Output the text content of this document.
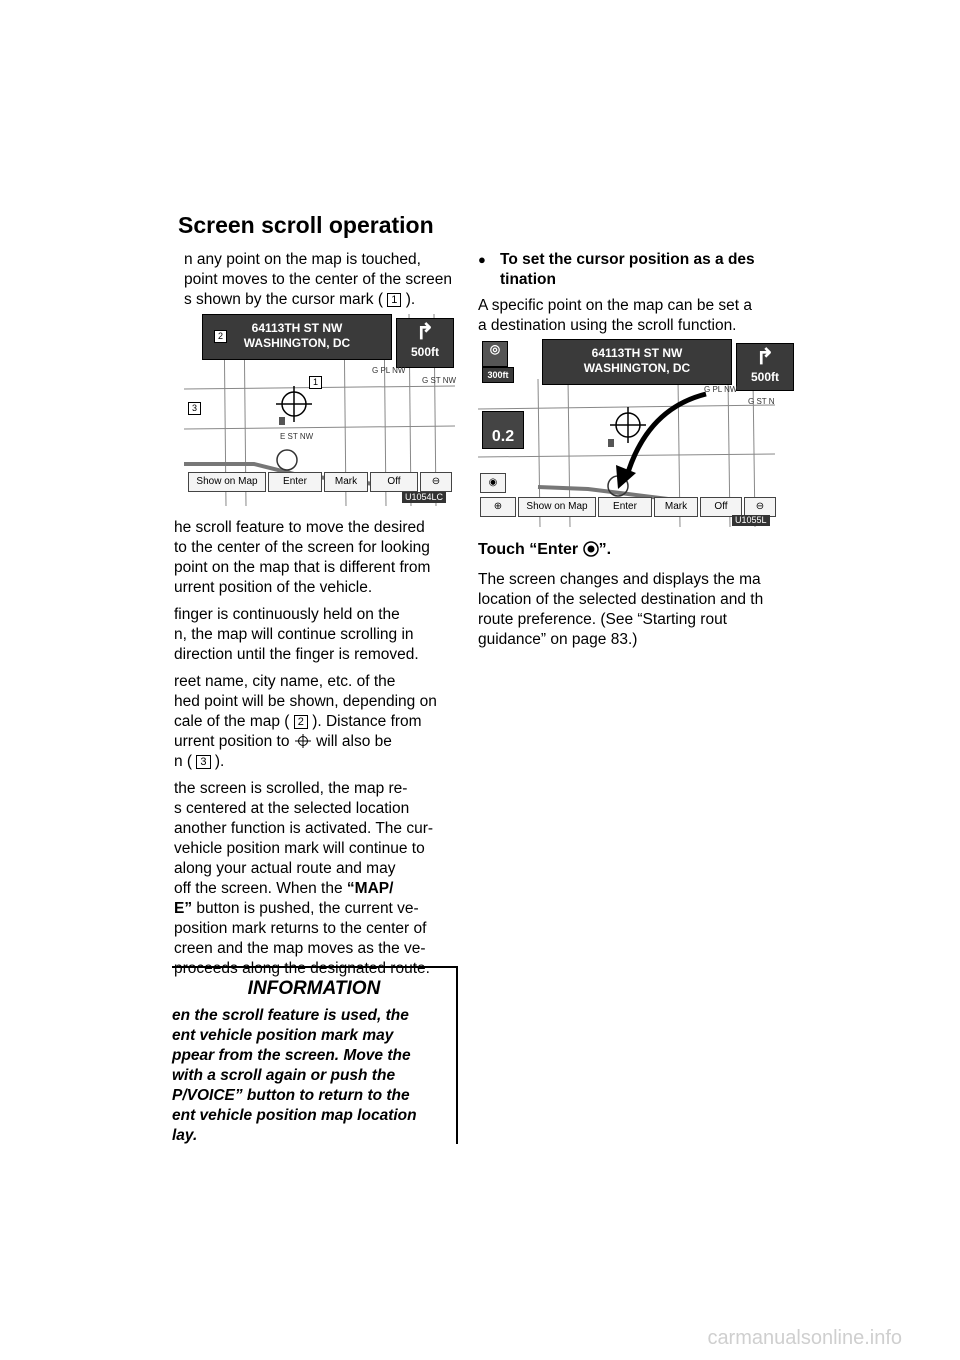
Screen scroll operation

n any point on the map is touched,
point moves to the center of the screen
s shown by the cursor mark ( 1 ).

64113TH ST NW
WASHINGTON, DC	↱
500ft
2
1
3
G PL NW
G ST NW
E ST NW
Show on Map	Enter	Mark	Off	⊖
U1054LC

he scroll feature to move the desired
to the center of the screen for looking
point on the map that is different from
urrent position of the vehicle.

finger is continuously held on the
n, the map will continue scrolling in
direction until the finger is removed.

reet name, city name, etc. of the
hed point will be shown, depending on
cale of the map ( 2 ). Distance from
urrent position to will also be
n ( 3 ).

the screen is scrolled, the map re-
s centered at the selected location
another function is activated. The cur-
vehicle position mark will continue to
along your actual route and may
off the screen. When the “MAP/
E” button is pushed, the current ve-
position mark returns to the center of
creen and the map moves as the ve-
proceeds along the designated route.

INFORMATION
en the scroll feature is used, the
ent vehicle position mark may
ppear from the screen. Move the
with a scroll again or push the
P/VOICE” button to return to the
ent vehicle position map location
lay.
● To set the cursor position as a des
tination

A specific point on the map can be set a
a destination using the scroll function.

◎
300ft
64113TH ST NW
WASHINGTON, DC	↱
500ft
0.2
G PL NW
G ST N
◉
⊕	Show on Map	Enter	Mark	Off	⊖
U1055L
Touch “Enter ”.

The screen changes and displays the ma
location of the selected destination and th
route preference. (See “Starting rout
guidance” on page 83.)

carmanualsonline.info
